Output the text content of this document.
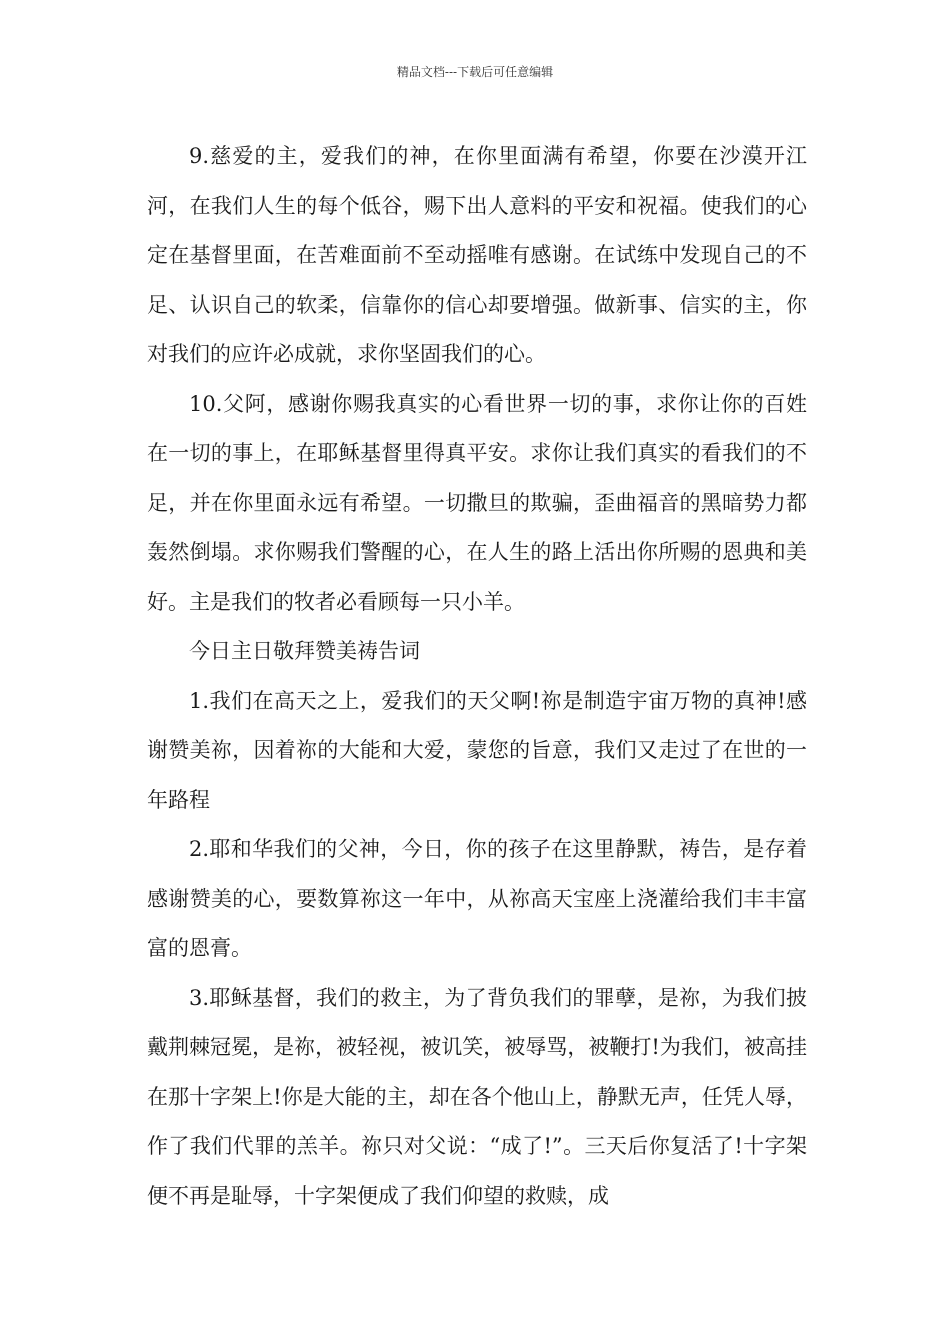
精品文档---下载后可任意编辑

9.慈爱的主，爱我们的神，在你里面满有希望，你要在沙漠开江河，在我们人生的每个低谷，赐下出人意料的平安和祝福。使我们的心定在基督里面，在苦难面前不至动摇唯有感谢。在试练中发现自己的不足、认识自己的软柔，信靠你的信心却要增强。做新事、信实的主，你对我们的应许必成就，求你坚固我们的心。

10.父阿，感谢你赐我真实的心看世界一切的事，求你让你的百姓在一切的事上，在耶稣基督里得真平安。求你让我们真实的看我们的不足，并在你里面永远有希望。一切撒旦的欺骗，歪曲福音的黑暗势力都轰然倒塌。求你赐我们警醒的心，在人生的路上活出你所赐的恩典和美好。主是我们的牧者必看顾每一只小羊。

今日主日敬拜赞美祷告词

1.我们在高天之上，爱我们的天父啊!祢是制造宇宙万物的真神!感谢赞美祢，因着祢的大能和大爱，蒙您的旨意，我们又走过了在世的一年路程

2.耶和华我们的父神，今日，你的孩子在这里静默，祷告，是存着感谢赞美的心，要数算祢这一年中，从祢高天宝座上浇灌给我们丰丰富富的恩膏。

3.耶稣基督，我们的救主，为了背负我们的罪孽，是祢，为我们披戴荆棘冠冕，是祢，被轻视，被讥笑，被辱骂，被鞭打!为我们，被高挂在那十字架上!你是大能的主，却在各个他山上，静默无声，任凭人辱，作了我们代罪的羔羊。祢只对父说：“成了!”。三天后你复活了!十字架便不再是耻辱，十字架便成了我们仰望的救赎，成
